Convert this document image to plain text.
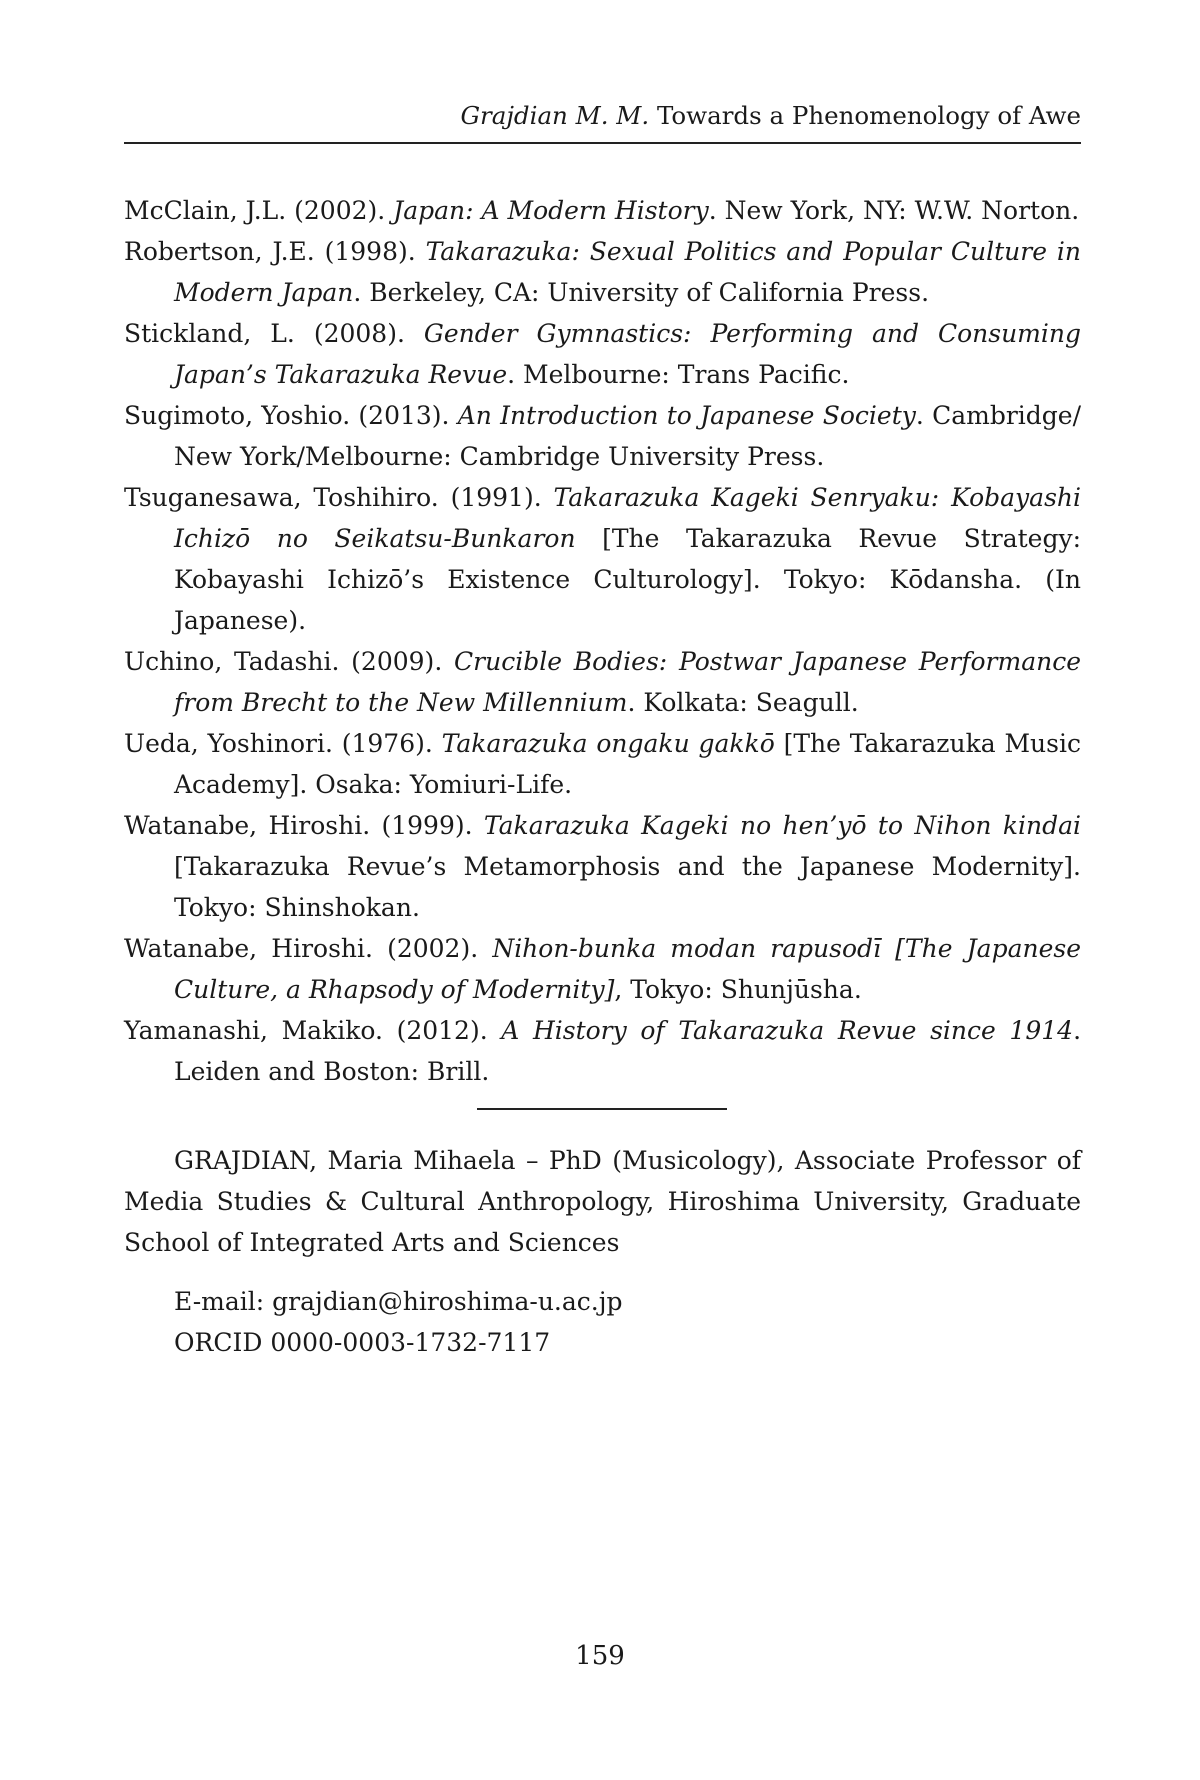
Grajdian M. M. Towards a Phenomenology of Awe
McClain, J.L. (2002). Japan: A Modern History. New York, NY: W.W. Norton.
Robertson, J.E. (1998). Takarazuka: Sexual Politics and Popular Culture in Modern Japan. Berkeley, CA: University of California Press.
Stickland, L. (2008). Gender Gymnastics: Performing and Consuming Japan’s Takarazuka Revue. Melbourne: Trans Pacific.
Sugimoto, Yoshio. (2013). An Introduction to Japanese Society. Cambridge/ New York/Melbourne: Cambridge University Press.
Tsuganesawa, Toshihiro. (1991). Takarazuka Kageki Senryaku: Kobayashi Ichizō no Seikatsu-Bunkaron [The Takarazuka Revue Strategy: Kobayashi Ichizō’s Existence Culturology]. Tokyo: Kōdansha. (In Japanese).
Uchino, Tadashi. (2009). Crucible Bodies: Postwar Japanese Performance from Brecht to the New Millennium. Kolkata: Seagull.
Ueda, Yoshinori. (1976). Takarazuka ongaku gakkō [The Takarazuka Music Academy]. Osaka: Yomiuri-Life.
Watanabe, Hiroshi. (1999). Takarazuka Kageki no hen’yō to Nihon kindai [Takarazuka Revue’s Metamorphosis and the Japanese Modernity]. Tokyo: Shinshokan.
Watanabe, Hiroshi. (2002). Nihon-bunka modan rapusodī [The Japanese Culture, a Rhapsody of Modernity], Tokyo: Shunjūsha.
Yamanashi, Makiko. (2012). A History of Takarazuka Revue since 1914. Leiden and Boston: Brill.
GRAJDIAN, Maria Mihaela – PhD (Musicology), Associate Professor of Media Studies & Cultural Anthropology, Hiroshima University, Graduate School of Integrated Arts and Sciences
E-mail: grajdian@hiroshima-u.ac.jp
ORCID 0000-0003-1732-7117
159
